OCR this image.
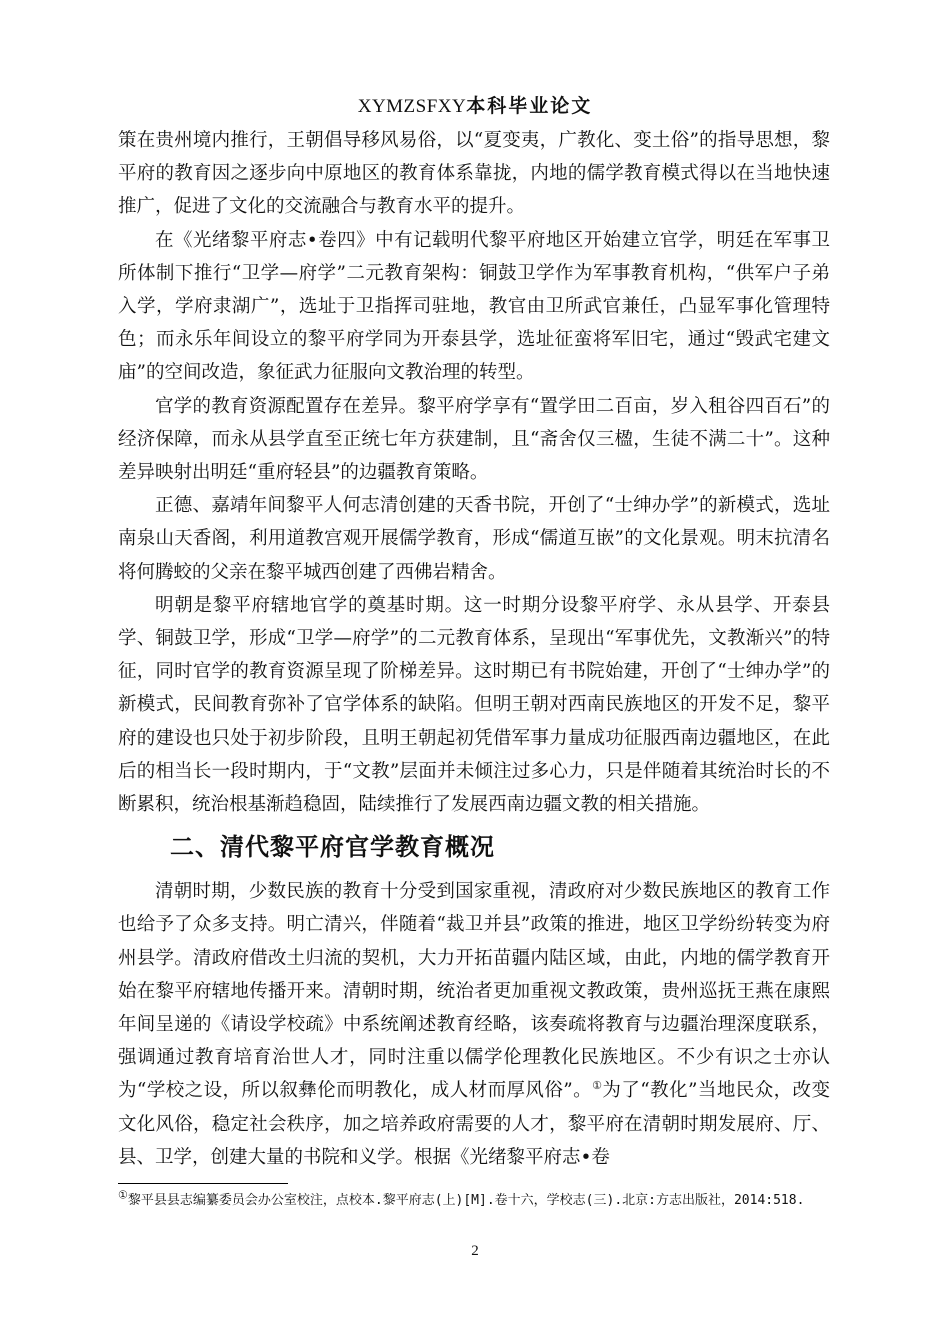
XYMZSFXY本科毕业论文

策在贵州境内推行，王朝倡导移风易俗，以“夏变夷，广教化、变土俗”的指导思想，黎平府的教育因之逐步向中原地区的教育体系靠拢，内地的儒学教育模式得以在当地快速推广，促进了文化的交流融合与教育水平的提升。

在《光绪黎平府志•卷四》中有记载明代黎平府地区开始建立官学，明廷在军事卫所体制下推行“卫学—府学”二元教育架构：铜鼓卫学作为军事教育机构，“供军户子弟入学，学府隶湖广”，选址于卫指挥司驻地，教官由卫所武官兼任，凸显军事化管理特色；而永乐年间设立的黎平府学同为开泰县学，选址征蛮将军旧宅，通过“毁武宅建文庙”的空间改造，象征武力征服向文教治理的转型。

官学的教育资源配置存在差异。黎平府学享有“置学田二百亩，岁入租谷四百石”的经济保障，而永从县学直至正统七年方获建制，且“斋舍仅三楹，生徒不满二十”。这种差异映射出明廷“重府轻县”的边疆教育策略。

正德、嘉靖年间黎平人何志清创建的天香书院，开创了“士绅办学”的新模式，选址南泉山天香阁，利用道教宫观开展儒学教育，形成“儒道互嵌”的文化景观。明末抗清名将何腾蛟的父亲在黎平城西创建了西佛岩精舍。

明朝是黎平府辖地官学的奠基时期。这一时期分设黎平府学、永从县学、开泰县学、铜鼓卫学，形成“卫学—府学”的二元教育体系，呈现出“军事优先，文教渐兴”的特征，同时官学的教育资源呈现了阶梯差异。这时期已有书院始建，开创了“士绅办学”的新模式，民间教育弥补了官学体系的缺陷。但明王朝对西南民族地区的开发不足，黎平府的建设也只处于初步阶段，且明王朝起初凭借军事力量成功征服西南边疆地区，在此后的相当长一段时期内，于“文教”层面并未倾注过多心力，只是伴随着其统治时长的不断累积，统治根基渐趋稳固，陆续推行了发展西南边疆文教的相关措施。

二、清代黎平府官学教育概况

清朝时期，少数民族的教育十分受到国家重视，清政府对少数民族地区的教育工作也给予了众多支持。明亡清兴，伴随着“裁卫并县”政策的推进，地区卫学纷纷转变为府州县学。清政府借改土归流的契机，大力开拓苗疆内陆区域，由此，内地的儒学教育开始在黎平府辖地传播开来。清朝时期，统治者更加重视文教政策，贵州巡抚王燕在康熙年间呈递的《请设学校疏》中系统阐述教育经略，该奏疏将教育与边疆治理深度联系，强调通过教育培育治世人才，同时注重以儒学伦理教化民族地区。不少有识之士亦认为“学校之设，所以叙彝伦而明教化，成人材而厚风俗”。①为了“教化”当地民众，改变文化风俗，稳定社会秩序，加之培养政府需要的人才，黎平府在清朝时期发展府、厅、县、卫学，创建大量的书院和义学。根据《光绪黎平府志•卷

①黎平县县志编纂委员会办公室校注，点校本.黎平府志(上)[M].卷十六，学校志(三).北京:方志出版社，2014:518.
2
